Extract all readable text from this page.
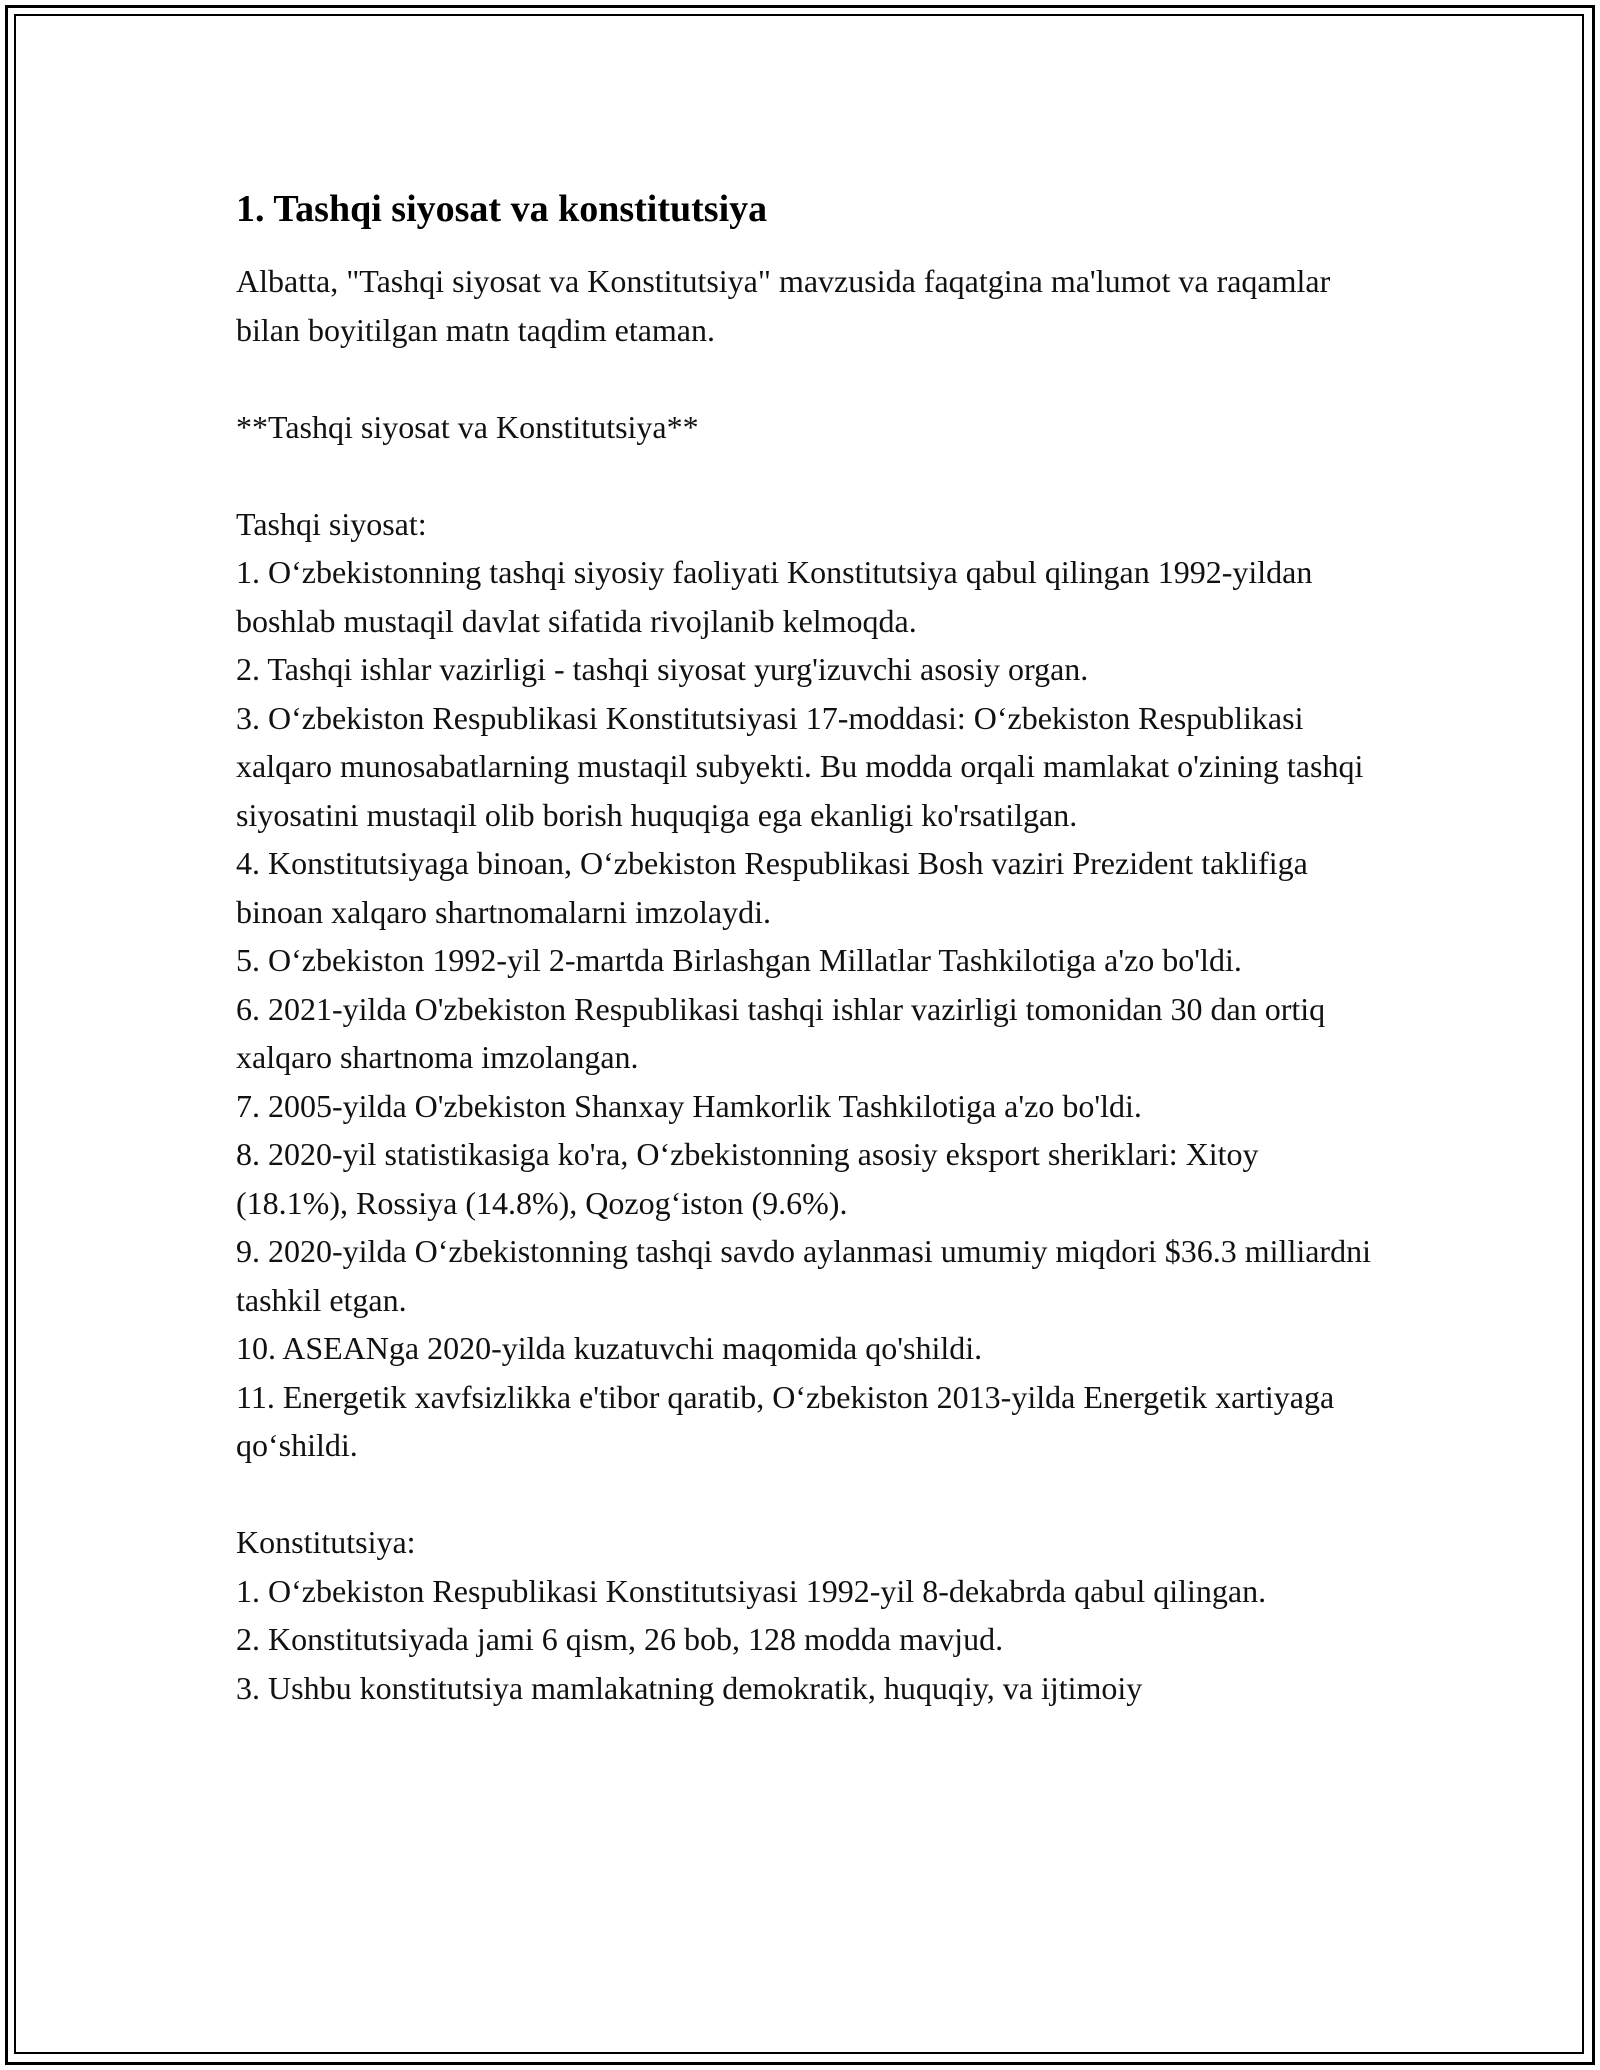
1. Tashqi siyosat va konstitutsiya

Albatta, "Tashqi siyosat va Konstitutsiya" mavzusida faqatgina ma'lumot va raqamlar bilan boyitilgan matn taqdim etaman.

**Tashqi siyosat va Konstitutsiya**

Tashqi siyosat:

1. O‘zbekistonning tashqi siyosiy faoliyati Konstitutsiya qabul qilingan 1992-yildan boshlab mustaqil davlat sifatida rivojlanib kelmoqda.

2. Tashqi ishlar vazirligi - tashqi siyosat yurg'izuvchi asosiy organ.

3. O‘zbekiston Respublikasi Konstitutsiyasi 17-moddasi: O‘zbekiston Respublikasi xalqaro munosabatlarning mustaqil subyekti. Bu modda orqali mamlakat o'zining tashqi siyosatini mustaqil olib borish huquqiga ega ekanligi ko'rsatilgan.

4. Konstitutsiyaga binoan, O‘zbekiston Respublikasi Bosh vaziri Prezident taklifiga binoan xalqaro shartnomalarni imzolaydi.

5. O‘zbekiston 1992-yil 2-martda Birlashgan Millatlar Tashkilotiga a'zo bo'ldi.

6. 2021-yilda O'zbekiston Respublikasi tashqi ishlar vazirligi tomonidan 30 dan ortiq xalqaro shartnoma imzolangan.

7. 2005-yilda O'zbekiston Shanxay Hamkorlik Tashkilotiga a'zo bo'ldi.

8. 2020-yil statistikasiga ko'ra, O‘zbekistonning asosiy eksport sheriklari: Xitoy (18.1%), Rossiya (14.8%), Qozog‘iston (9.6%).

9. 2020-yilda O‘zbekistonning tashqi savdo aylanmasi umumiy miqdori $36.3 milliardni tashkil etgan.

10. ASEANga 2020-yilda kuzatuvchi maqomida qo'shildi.

11. Energetik xavfsizlikka e'tibor qaratib, O‘zbekiston 2013-yilda Energetik xartiyaga qo‘shildi.

Konstitutsiya:

1. O‘zbekiston Respublikasi Konstitutsiyasi 1992-yil 8-dekabrda qabul qilingan.

2. Konstitutsiyada jami 6 qism, 26 bob, 128 modda mavjud.

3. Ushbu konstitutsiya mamlakatning demokratik, huquqiy, va ijtimoiy
